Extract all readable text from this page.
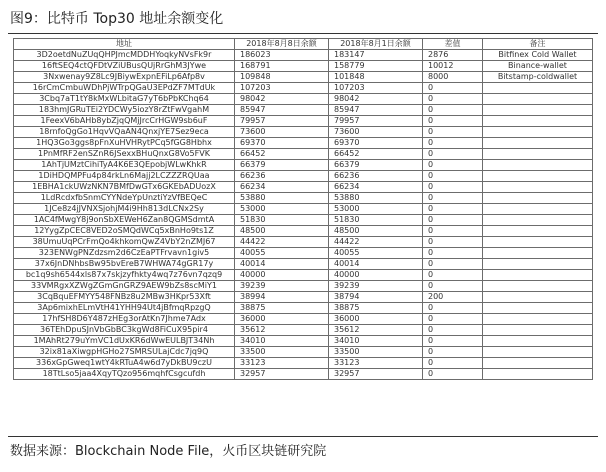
图9：比特币 Top30 地址余额变化
地址	2018年8月8日余额	2018年8月1日余额	差值	备注
3D2oetdNuZUqQHPJmcMDDHYoqkyNVsFk9r	186023	183147	2876	Bitfinex Cold Wallet
16ftSEQ4ctQFDtVZiUBusQUjRrGhM3JYwe	168791	158779	10012	Binance-wallet
3Nxwenay9Z8Lc9JBiywExpnEFiLp6Afp8v	109848	101848	8000	Bitstamp-coldwallet
16rCmCmbuWDhPjWTrpQGaU3EPdZF7MTdUk	107203	107203	0	
3Cbq7aT1tY8kMxWLbitaG7yT6bPbKChq64	98042	98042	0	
183hmJGRuTEi2YDCWy5iozY8rZtFwVgahM	85947	85947	0	
1FeexV6bAHb8ybZjqQMjJrcCrHGW9sb6uF	79957	79957	0	
18rnfoQgGo1HqvVQaAN4QnxjYE7Sez9eca	73600	73600	0	
1HQ3Go3ggs8pFnXuHVHRytPCq5fGG8Hbhx	69370	69370	0	
1PnMfRF2enSZnR6JSexxBHuQnxG8Vo5FVK	66452	66452	0	
1AhTjUMztCihiTyA4K6E3QEpobjWLwKhkR	66379	66379	0	
1DiHDQMPFu4p84rkLn6Majj2LCZZZRQUaa	66236	66236	0	
1EBHA1ckUWzNKN7BMfDwGTx6GKEbADUozX	66234	66234	0	
1LdRcdxfbSnmCYYNdeYpUnztiYzVfBEQeC	53880	53880	0	
1JCe8z4jJVNXSjohjM4i9Hh813dLCNx2Sy	53000	53000	0	
1AC4fMwgY8j9onSbXEWeH6Zan8QGMSdmtA	51830	51830	0	
12YygZpCEC8VED2oSMQdWCq5xBnHo9ts1Z	48500	48500	0	
38UmuUqPCrFmQo4khkomQwZ4VbY2nZMJ67	44422	44422	0	
323ENWgPNZdzsm2d6CzEaPTFrvavn1giv5	40055	40055	0	
37x6JnDNhbsBw95bvEreB7WHWA74gGR17y	40014	40014	0	
bc1q9sh6544xls87x7skjzyfhkty4wq7z76vn7qzq9	40000	40000	0	
33VMRgxXZWgZGmGnGRZ9AEW9bZs8scMiY1	39239	39239	0	
3CqBquEFMYY548FNBz8u2MBw3HKpr53Xft	38994	38794	200	
3Ap6mixhELmVtH41YHH94Ut4jBfmqRpzgQ	38875	38875	0	
17hfSH8D6Y487zHEg3orAtKn7Jhme7Adx	36000	36000	0	
36TEhDpuSJnVbGbBC3kgWd8FiCuX95pir4	35612	35612	0	
1MAhRt279uYmVC1dUxKR6dWwEULBJT34Nh	34010	34010	0	
32ix81aXiwgpHGHo27SMRSULajCdc7jq9Q	33500	33500	0	
336xGpGweq1wtY4kRTuA4w6d7yDkBU9czU	33123	33123	0	
18TtLso5jaa4XqyTQzo956mqhfCsgcufdh	32957	32957	0	
数据来源：Blockchain Node File，火币区块链研究院
